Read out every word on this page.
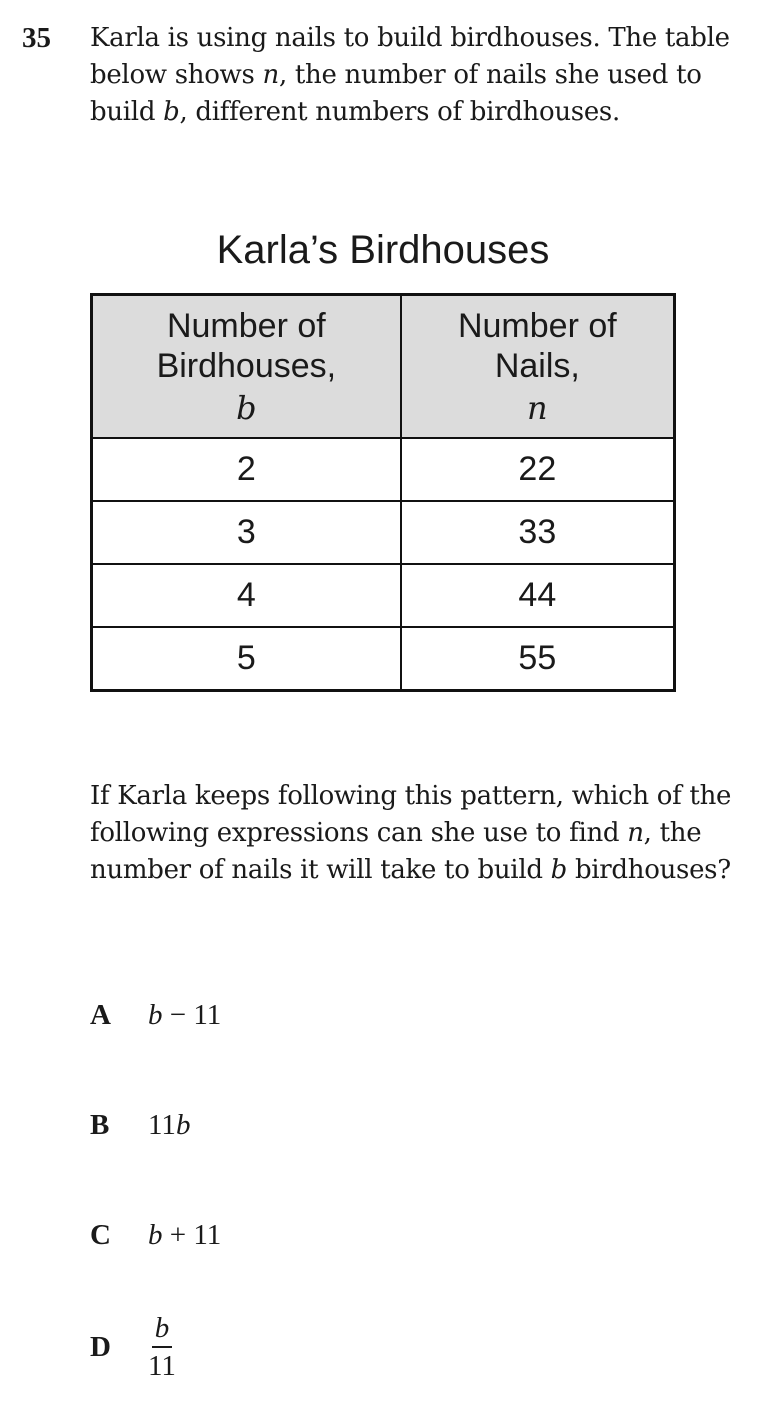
35 Karla is using nails to build birdhouses. The table below shows n, the number of nails she used to build b, different numbers of birdhouses.

Karla’s Birdhouses
Number of
Birdhouses,
b	Number of
Nails,
n

2	22
3	33
4	44
5	55

If Karla keeps following this pattern, which of the following expressions can she use to find n, the number of nails it will take to build b birdhouses?

A	b − 11
B	11b
C	b + 11
D	$\frac{b}{11}$
